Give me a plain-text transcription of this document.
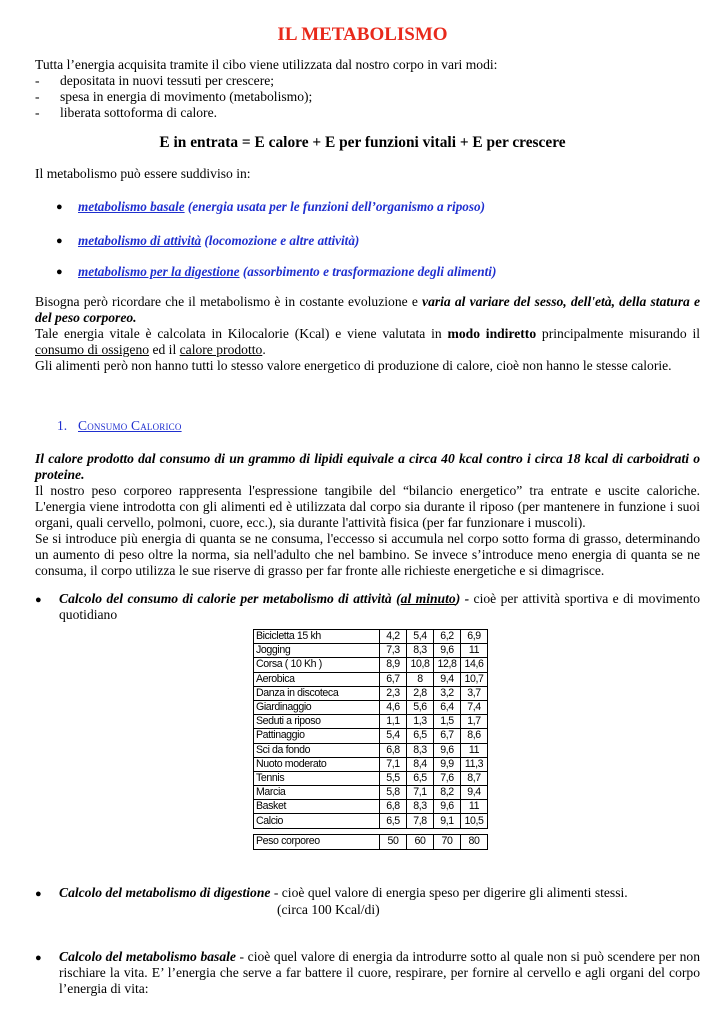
IL METABOLISMO
Tutta l’energia acquisita tramite il cibo viene utilizzata dal nostro corpo in vari modi:
- depositata in nuovi tessuti per crescere;
- spesa in energia di movimento (metabolismo);
- liberata sottoforma di calore.
E in entrata = E calore + E per funzioni vitali + E per crescere
Il metabolismo può essere suddiviso in:
● metabolismo basale (energia usata per le funzioni dell’organismo a riposo)
● metabolismo di attività (locomozione e altre attività)
● metabolismo per la digestione (assorbimento e trasformazione degli alimenti)
Bisogna però ricordare che il metabolismo è in costante evoluzione e varia al variare del sesso, dell'età, della statura e del peso corporeo.
Tale energia vitale è calcolata in Kilocalorie (Kcal) e viene valutata in modo indiretto principalmente misurando il consumo di ossigeno ed il calore prodotto.
Gli alimenti però non hanno tutti lo stesso valore energetico di produzione di calore, cioè non hanno le stesse calorie.
1. Consumo Calorico
Il calore prodotto dal consumo di un grammo di lipidi equivale a circa 40 kcal contro i circa 18 kcal di carboidrati o proteine.
Il nostro peso corporeo rappresenta l'espressione tangibile del “bilancio energetico” tra entrate e uscite caloriche. L'energia viene introdotta con gli alimenti ed è utilizzata dal corpo sia durante il riposo (per mantenere in funzione i suoi organi, quali cervello, polmoni, cuore, ecc.), sia durante l'attività fisica (per far funzionare i muscoli).
Se si introduce più energia di quanta se ne consuma, l'eccesso si accumula nel corpo sotto forma di grasso, determinando un aumento di peso oltre la norma, sia nell'adulto che nel bambino. Se invece s’introduce meno energia di quanta se ne consuma, il corpo utilizza le sue riserve di grasso per far fronte alle richieste energetiche e si dimagrisce.
● Calcolo del consumo di calorie per metabolismo di attività (al minuto) - cioè per attività sportiva e di movimento quotidiano
Bicicletta 15 kh	4,2	5,4	6,2	6,9
Jogging	7,3	8,3	9,6	11
Corsa ( 10 Kh )	8,9	10,8	12,8	14,6
Aerobica	6,7	8	9,4	10,7
Danza in discoteca	2,3	2,8	3,2	3,7
Giardinaggio	4,6	5,6	6,4	7,4
Seduti a riposo	1,1	1,3	1,5	1,7
Pattinaggio	5,4	6,5	6,7	8,6
Sci da fondo	6,8	8,3	9,6	11
Nuoto moderato	7,1	8,4	9,9	11,3
Tennis	5,5	6,5	7,6	8,7
Marcia	5,8	7,1	8,2	9,4
Basket	6,8	8,3	9,6	11
Calcio	6,5	7,8	9,1	10,5

Peso corporeo	50	60	70	80
● Calcolo del metabolismo di digestione - cioè quel valore di energia speso per digerire gli alimenti stessi.
(circa 100 Kcal/di)
● Calcolo del metabolismo basale - cioè quel valore di energia da introdurre sotto al quale non si può scendere per non rischiare la vita. E’ l’energia che serve a far battere il cuore, respirare, per fornire al cervello e agli organi del corpo l’energia di vita:
